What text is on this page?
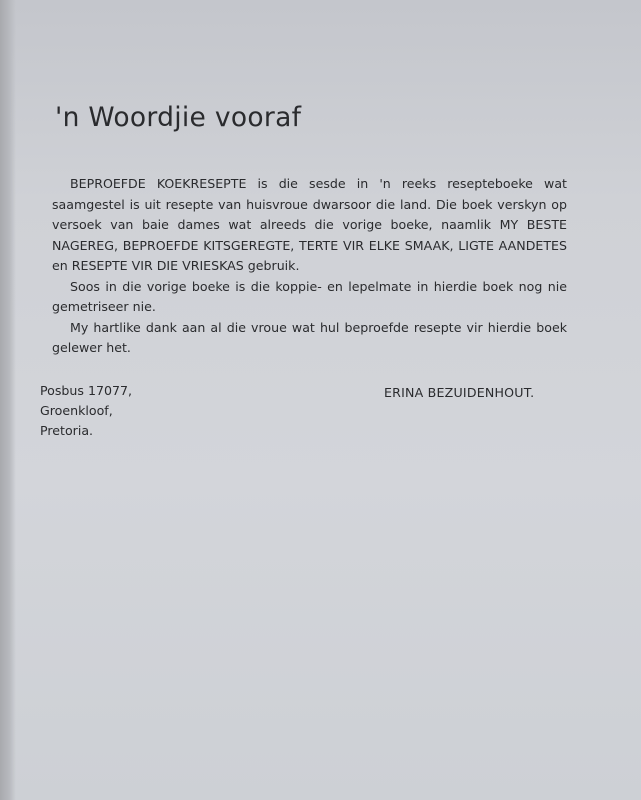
'n Woordjie vooraf

BEPROEFDE KOEKRESEPTE is die sesde in 'n reeks resepteboeke wat saamgestel is uit resepte van huisvroue dwarsoor die land. Die boek verskyn op versoek van baie dames wat alreeds die vorige boeke, naamlik MY BESTE NAGEREG, BEPROEFDE KITSGEREGTE, TERTE VIR ELKE SMAAK, LIGTE AANDETES en RESEPTE VIR DIE VRIESKAS gebruik.

Soos in die vorige boeke is die koppie- en lepelmate in hierdie boek nog nie gemetriseer nie.

My hartlike dank aan al die vroue wat hul beproefde resepte vir hierdie boek gelewer het.

Posbus 17077,
Groenkloof,
Pretoria.
ERINA BEZUIDENHOUT.
